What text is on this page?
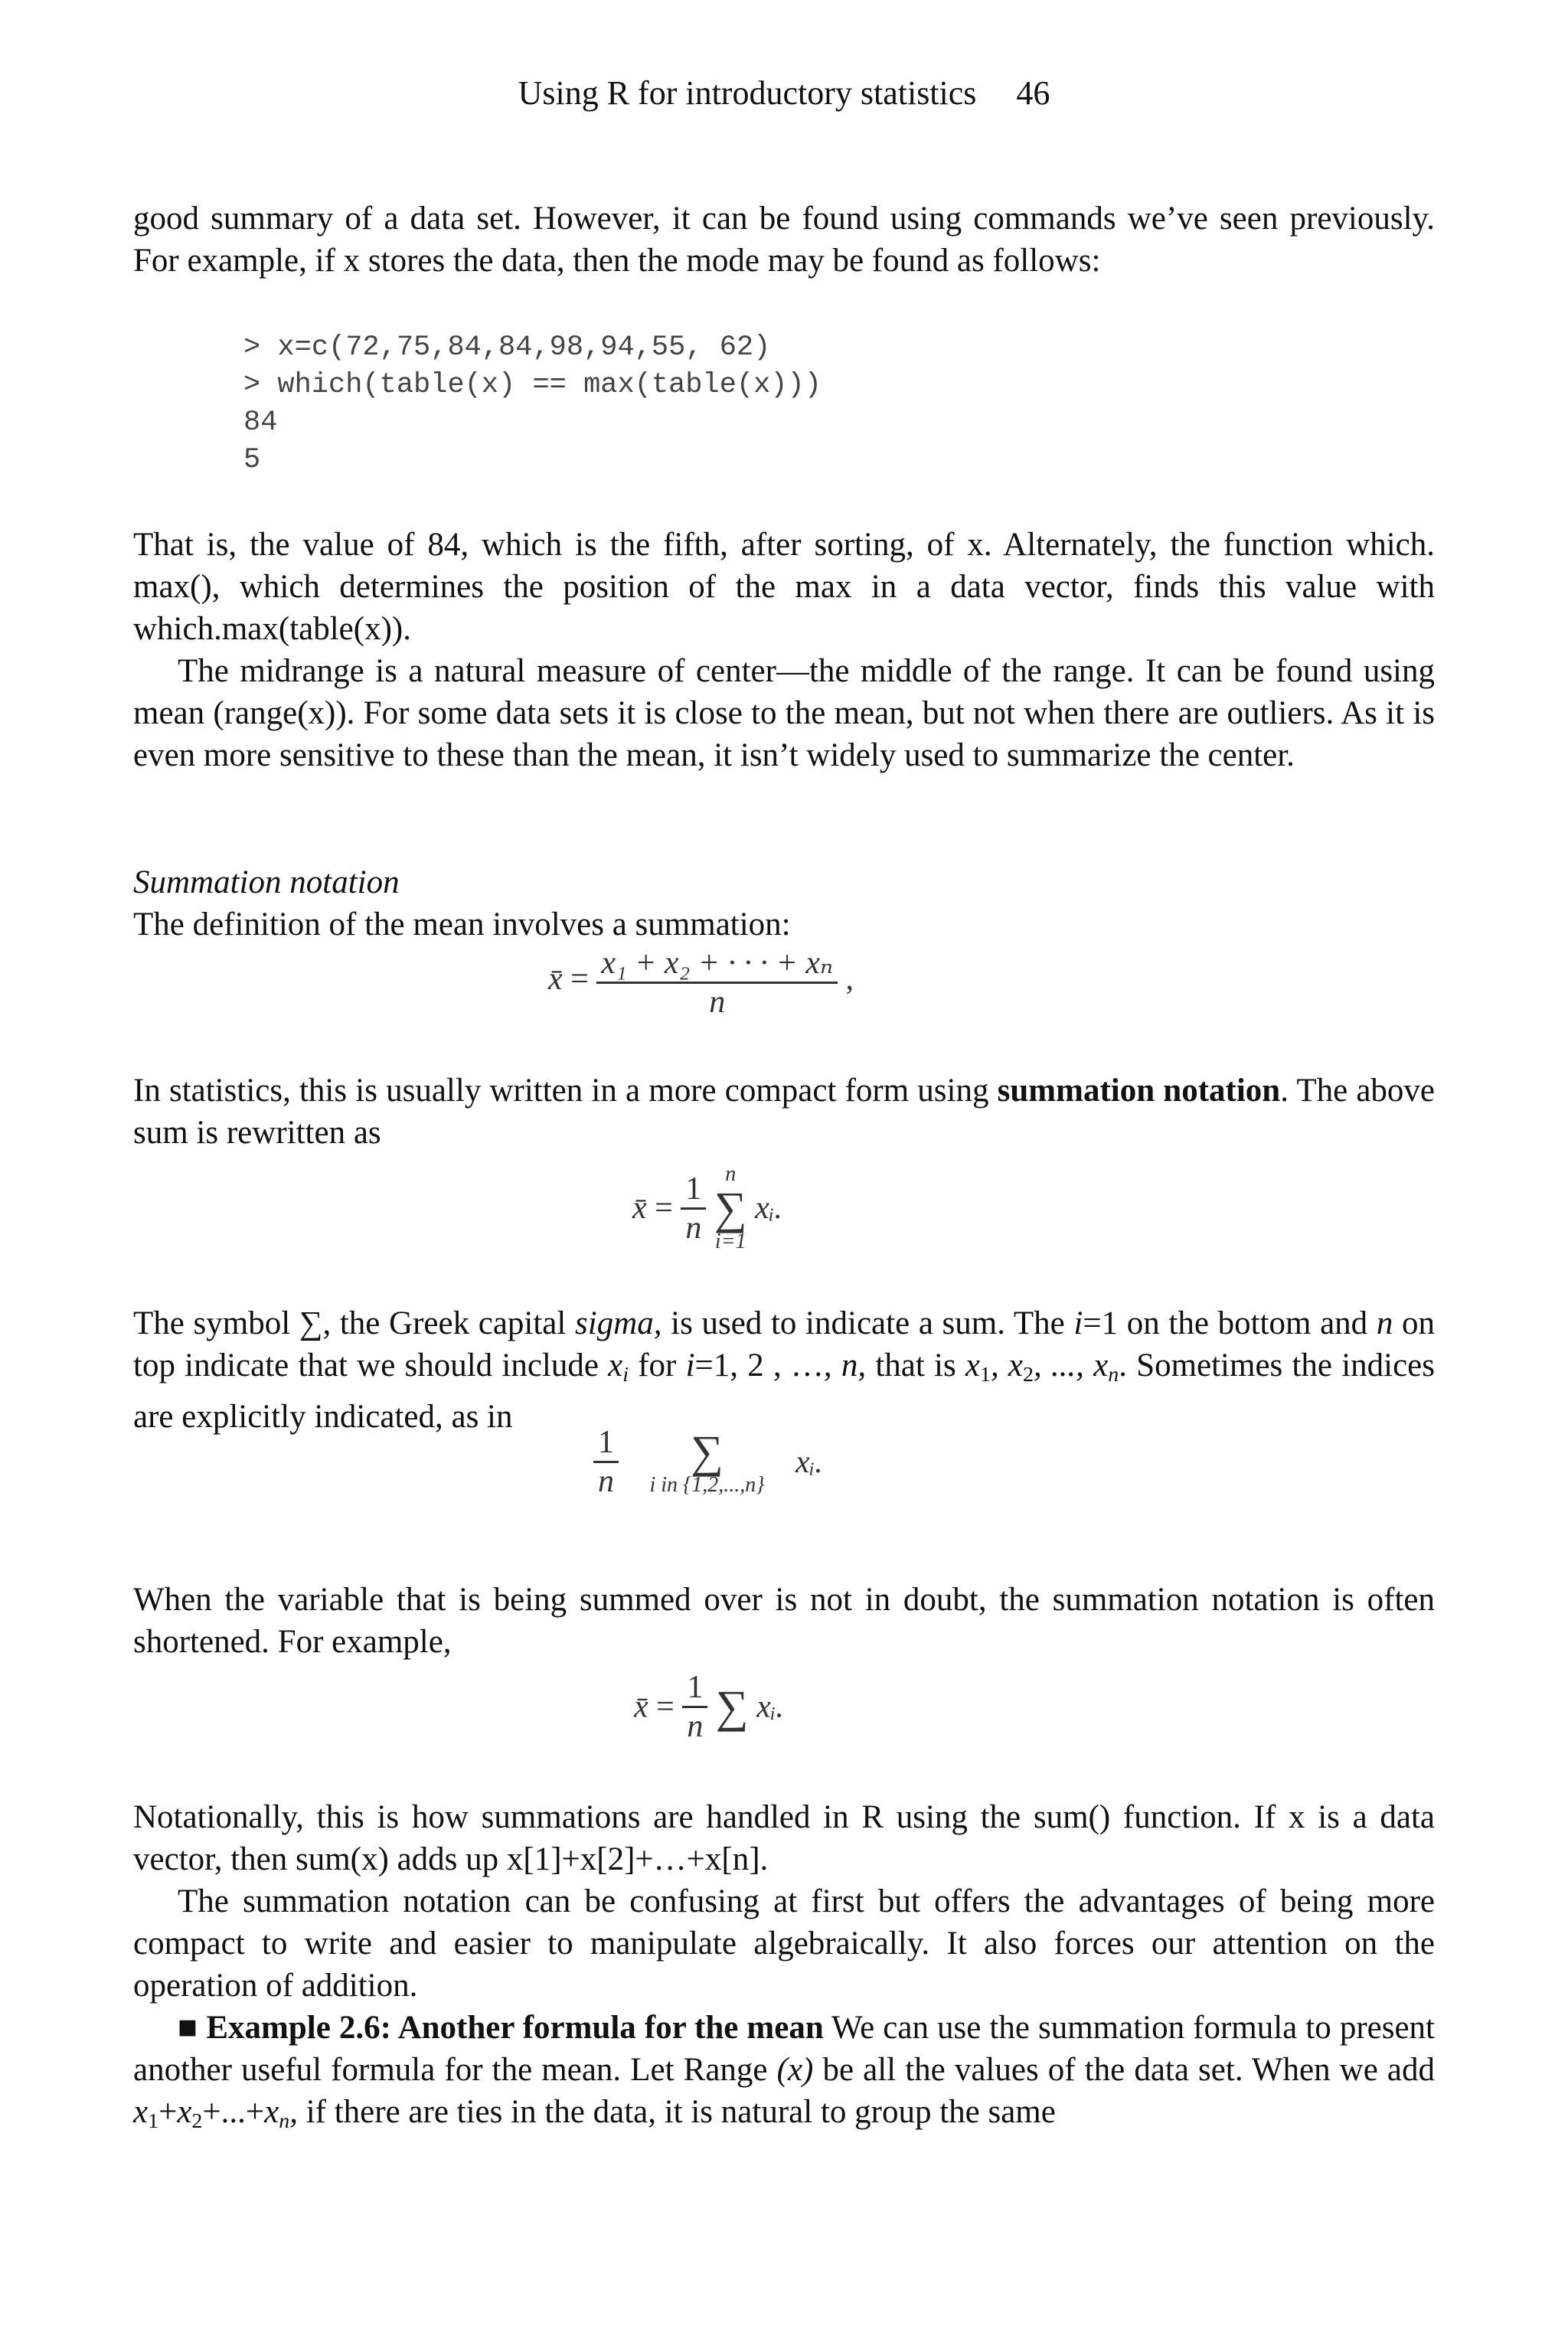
Using R for introductory statistics 46

good summary of a data set. However, it can be found using commands we’ve seen previously. For example, if x stores the data, then the mode may be found as follows:

> x=c(72,75,84,84,98,94,55, 62)
> which(table(x) == max(table(x)))
84
5

That is, the value of 84, which is the fifth, after sorting, of x. Alternately, the function which. max(), which determines the position of the max in a data vector, finds this value with which.max(table(x)).

The midrange is a natural measure of center—the middle of the range. It can be found using mean (range(x)). For some data sets it is close to the mean, but not when there are outliers. As it is even more sensitive to these than the mean, it isn’t widely used to summarize the center.

Summation notation

The definition of the mean involves a summation:

x̄ = $\frac{\text{x₁ + x₂ + · · · + xₙ}}{n}$ ,

In statistics, this is usually written in a more compact form using summation notation. The above sum is rewritten as

x̄ = $\frac{1}{n}$
n
∑
i=1
xᵢ.

The symbol ∑, the Greek capital sigma, is used to indicate a sum. The i=1 on the bottom and n on top indicate that we should include $x_i$ for i=1, 2 , …, n, that is $x_1$, $x_2$, ..., $x_n$. Sometimes the indices are explicitly indicated, as in

$\frac{1}{n}$
	∑
i in {1,2,...,n}
xᵢ.

When the variable that is being summed over is not in doubt, the summation notation is often shortened. For example,

x̄ = $\frac{1}{n}$ ∑ xᵢ.

Notationally, this is how summations are handled in R using the sum() function. If x is a data vector, then sum(x) adds up x[1]+x[2]+…+x[n].

The summation notation can be confusing at first but offers the advantages of being more compact to write and easier to manipulate algebraically. It also forces our attention on the operation of addition.

■ Example 2.6: Another formula for the mean We can use the summation formula to present another useful formula for the mean. Let Range (x) be all the values of the data set. When we add $x_1+x_2+...+x_n$, if there are ties in the data, it is natural to group the same
